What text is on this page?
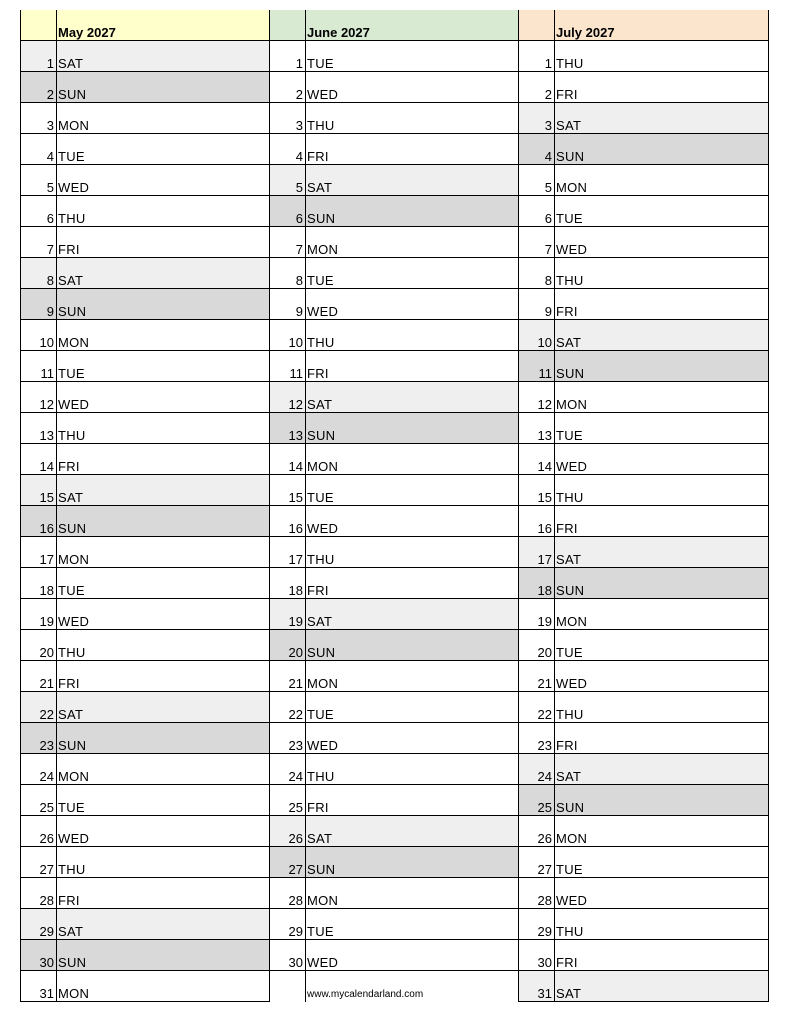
May 2027
1 SAT
2 SUN
3 MON
4 TUE
5 WED
6 THU
7 FRI
8 SAT
9 SUN
10 MON
11 TUE
12 WED
13 THU
14 FRI
15 SAT
16 SUN
17 MON
18 TUE
19 WED
20 THU
21 FRI
22 SAT
23 SUN
24 MON
25 TUE
26 WED
27 THU
28 FRI
29 SAT
30 SUN
31 MON
June 2027
1 TUE
2 WED
3 THU
4 FRI
5 SAT
6 SUN
7 MON
8 TUE
9 WED
10 THU
11 FRI
12 SAT
13 SUN
14 MON
15 TUE
16 WED
17 THU
18 FRI
19 SAT
20 SUN
21 MON
22 TUE
23 WED
24 THU
25 FRI
26 SAT
27 SUN
28 MON
29 TUE
30 WED
www.mycalendarland.com
July 2027
1 THU
2 FRI
3 SAT
4 SUN
5 MON
6 TUE
7 WED
8 THU
9 FRI
10 SAT
11 SUN
12 MON
13 TUE
14 WED
15 THU
16 FRI
17 SAT
18 SUN
19 MON
20 TUE
21 WED
22 THU
23 FRI
24 SAT
25 SUN
26 MON
27 TUE
28 WED
29 THU
30 FRI
31 SAT
